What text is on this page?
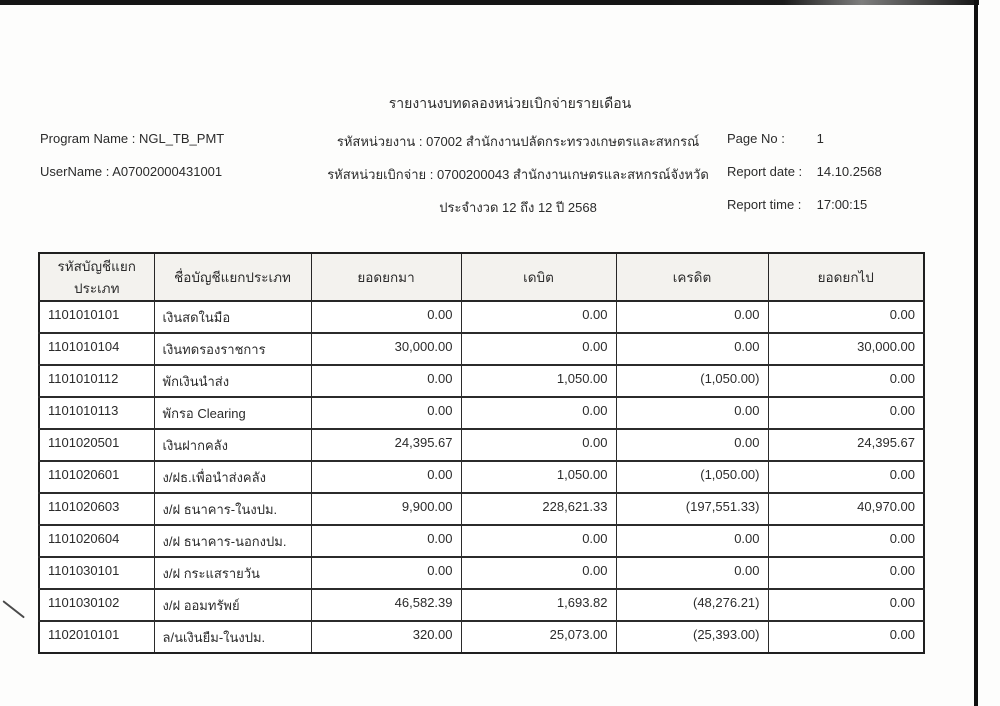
รายงานงบทดลองหน่วยเบิกจ่ายรายเดือน
Program Name : NGL_TB_PMT
UserName : A07002000431001
รหัสหน่วยงาน : 07002 สำนักงานปลัดกระทรวงเกษตรและสหกรณ์
รหัสหน่วยเบิกจ่าย : 0700200043 สำนักงานเกษตรและสหกรณ์จังหวัด
ประจำงวด 12 ถึง 12 ปี 2568
Page No : 1
Report date : 14.10.2568
Report time : 17:00:15
รหัสบัญชีแยกประเภท	ชื่อบัญชีแยกประเภท	ยอดยกมา	เดบิต	เครดิต	ยอดยกไป
1101010101	เงินสดในมือ	0.00	0.00	0.00	0.00
1101010104	เงินทดรองราชการ	30,000.00	0.00	0.00	30,000.00
1101010112	พักเงินนำส่ง	0.00	1,050.00	(1,050.00)	0.00
1101010113	พักรอ Clearing	0.00	0.00	0.00	0.00
1101020501	เงินฝากคลัง	24,395.67	0.00	0.00	24,395.67
1101020601	ง/ฝธ.เพื่อนำส่งคลัง	0.00	1,050.00	(1,050.00)	0.00
1101020603	ง/ฝ ธนาคาร-ในงปม.	9,900.00	228,621.33	(197,551.33)	40,970.00
1101020604	ง/ฝ ธนาคาร-นอกงปม.	0.00	0.00	0.00	0.00
1101030101	ง/ฝ กระแสรายวัน	0.00	0.00	0.00	0.00
1101030102	ง/ฝ ออมทรัพย์	46,582.39	1,693.82	(48,276.21)	0.00
1102010101	ล/นเงินยืม-ในงปม.	320.00	25,073.00	(25,393.00)	0.00
